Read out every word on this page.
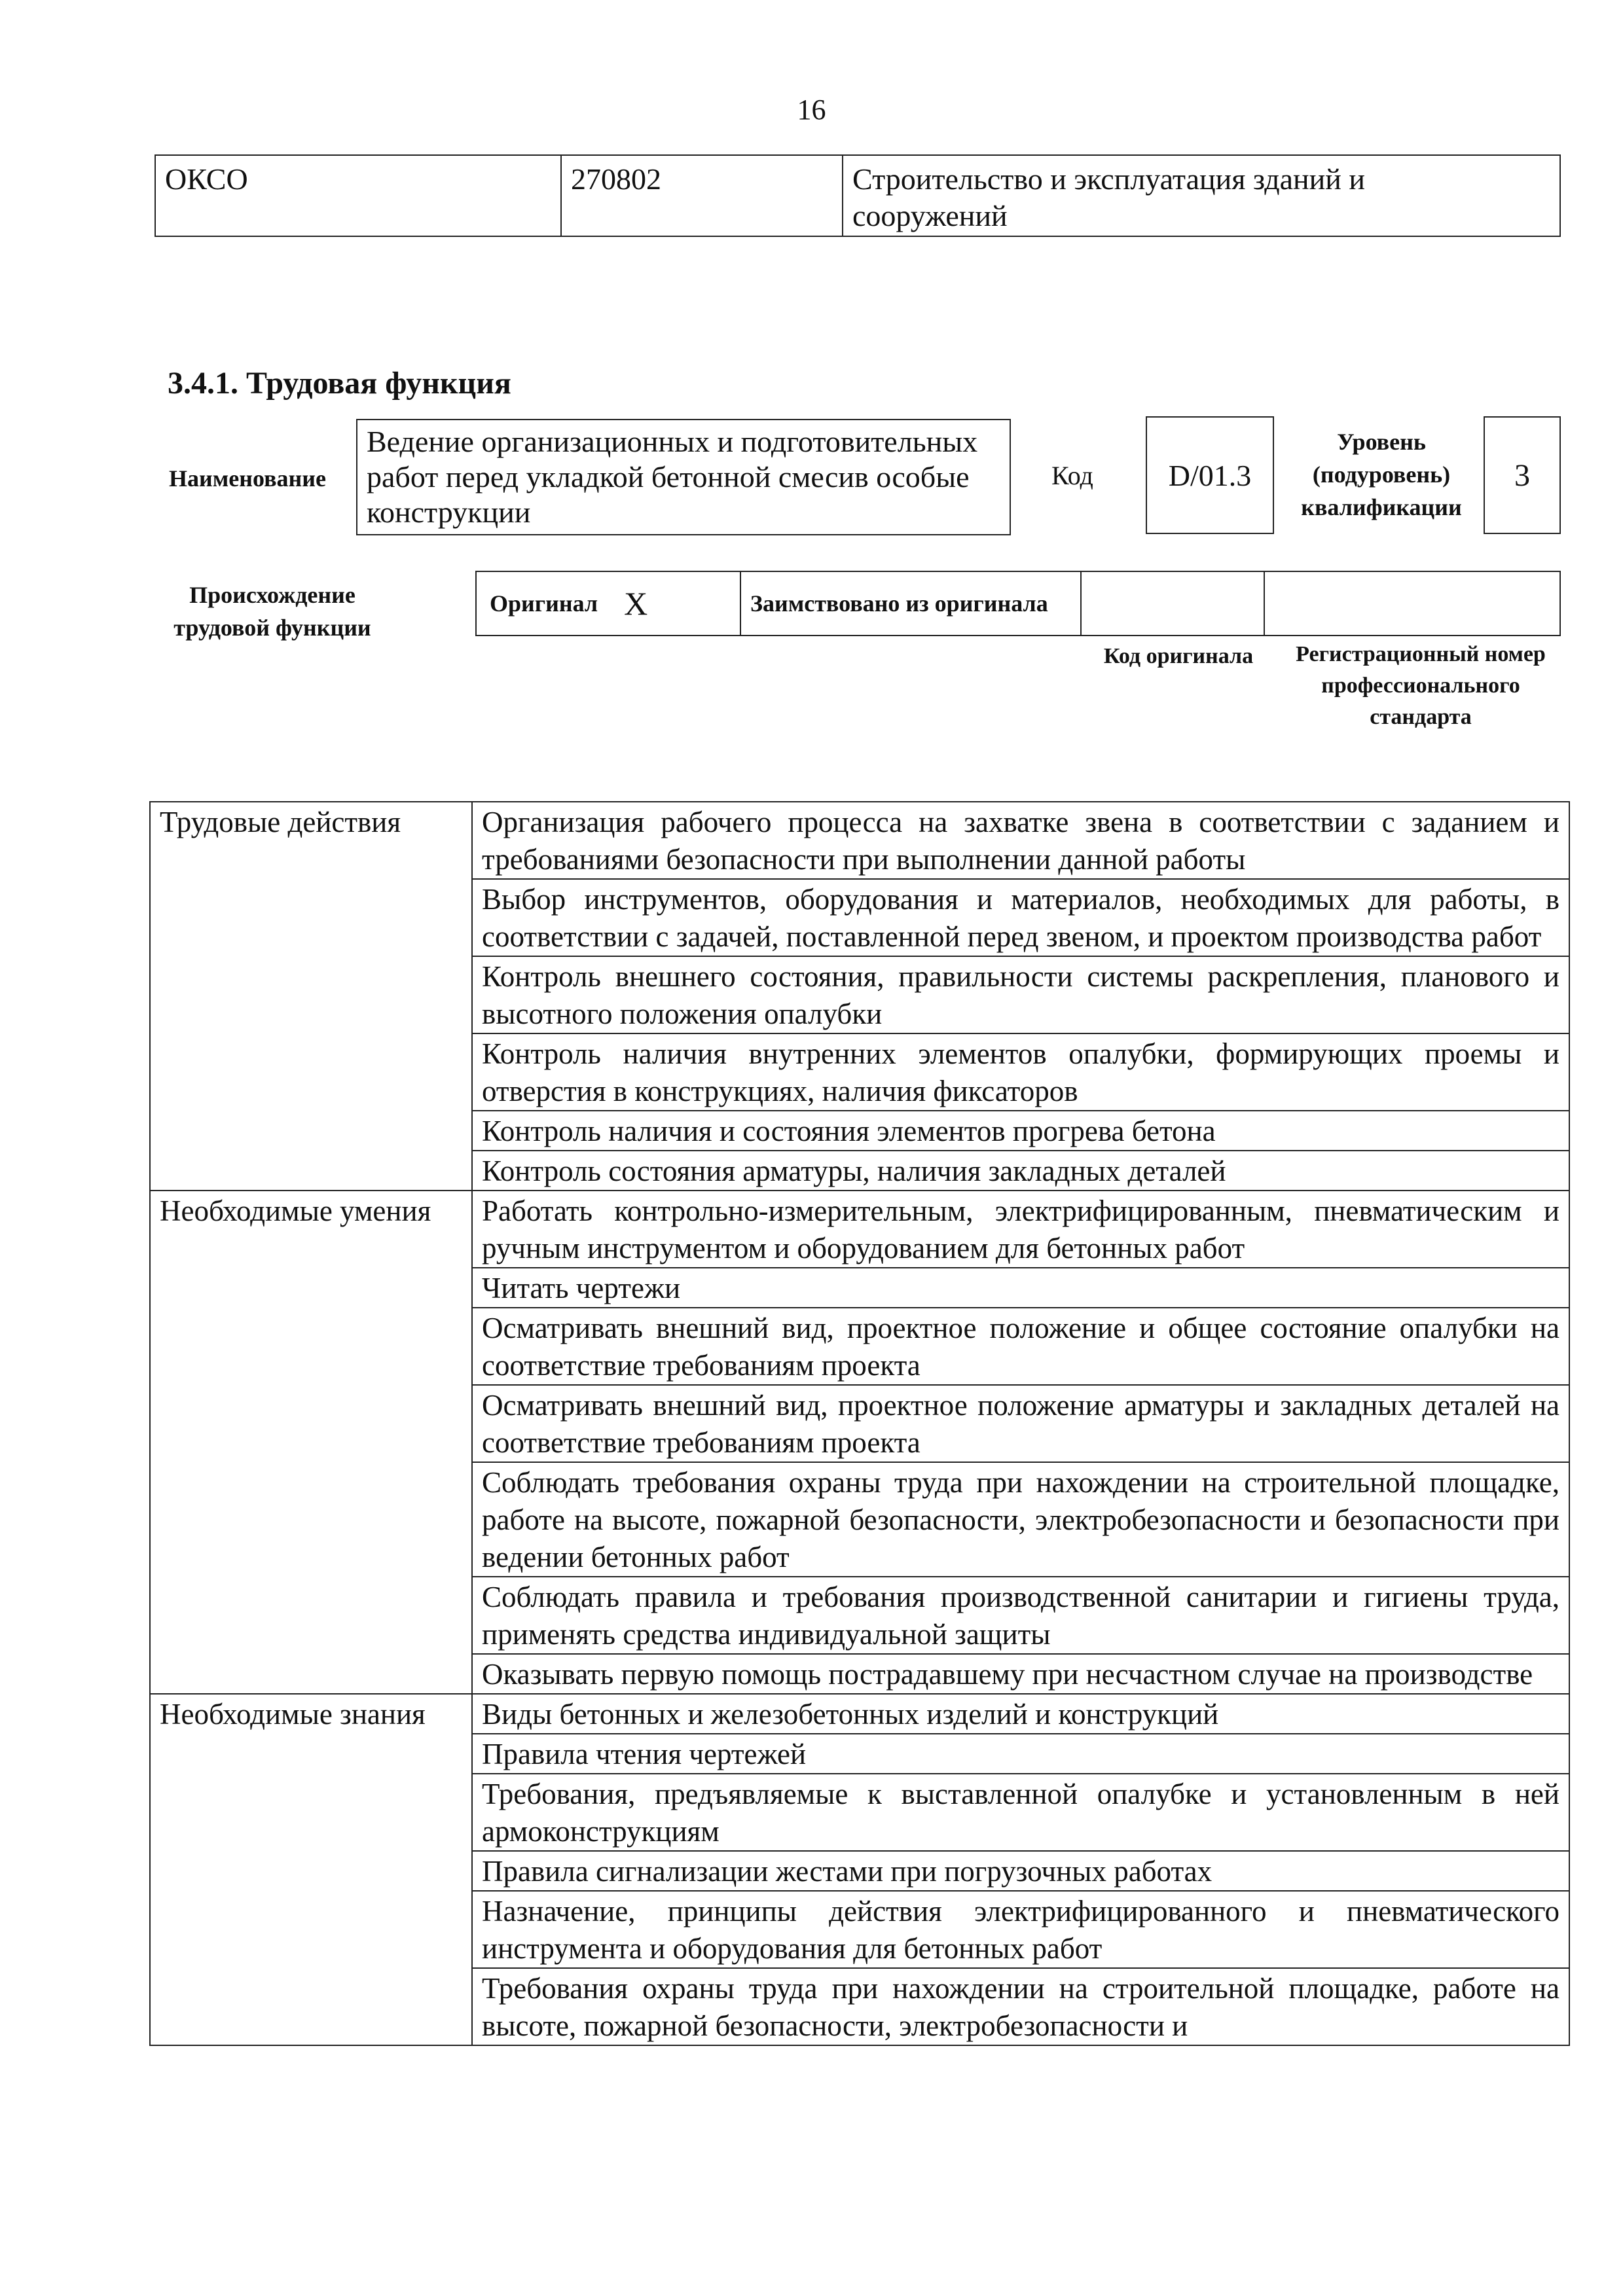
16
ОКСО	270802	Строительство и эксплуатация зданий и сооружений
3.4.1. Трудовая функция
Наименование
Ведение организационных и подготовительных работ перед укладкой бетонной смесив особые конструкции
Код	D/01.3
Уровень (подуровень) квалификации
3
Происхождение трудовой функции
Оригинал X	Заимствовано из оригинала
Код оригинала	Регистрационный номер профессионального стандарта
Трудовые действия	Организация рабочего процесса на захватке звена в соответствии с заданием и требованиями безопасности при выполнении данной работы
	Выбор инструментов, оборудования и материалов, необходимых для работы, в соответствии с задачей, поставленной перед звеном, и проектом производства работ
	Контроль внешнего состояния, правильности системы раскрепления, планового и высотного положения опалубки
	Контроль наличия внутренних элементов опалубки, формирующих проемы и отверстия в конструкциях, наличия фиксаторов
	Контроль наличия и состояния элементов прогрева бетона
	Контроль состояния арматуры, наличия закладных деталей
Необходимые умения	Работать контрольно-измерительным, электрифицированным, пневматическим и ручным инструментом и оборудованием для бетонных работ
	Читать чертежи
	Осматривать внешний вид, проектное положение и общее состояние опалубки на соответствие требованиям проекта
	Осматривать внешний вид, проектное положение арматуры и закладных деталей на соответствие требованиям проекта
	Соблюдать требования охраны труда при нахождении на строительной площадке, работе на высоте, пожарной безопасности, электробезопасности и безопасности при ведении бетонных работ
	Соблюдать правила и требования производственной санитарии и гигиены труда, применять средства индивидуальной защиты
	Оказывать первую помощь пострадавшему при несчастном случае на производстве
Необходимые знания	Виды бетонных и железобетонных изделий и конструкций
	Правила чтения чертежей
	Требования, предъявляемые к выставленной опалубке и установленным в ней армоконструкциям
	Правила сигнализации жестами при погрузочных работах
	Назначение, принципы действия электрифицированного и пневматического инструмента и оборудования для бетонных работ
	Требования охраны труда при нахождении на строительной площадке, работе на высоте, пожарной безопасности, электробезопасности и
